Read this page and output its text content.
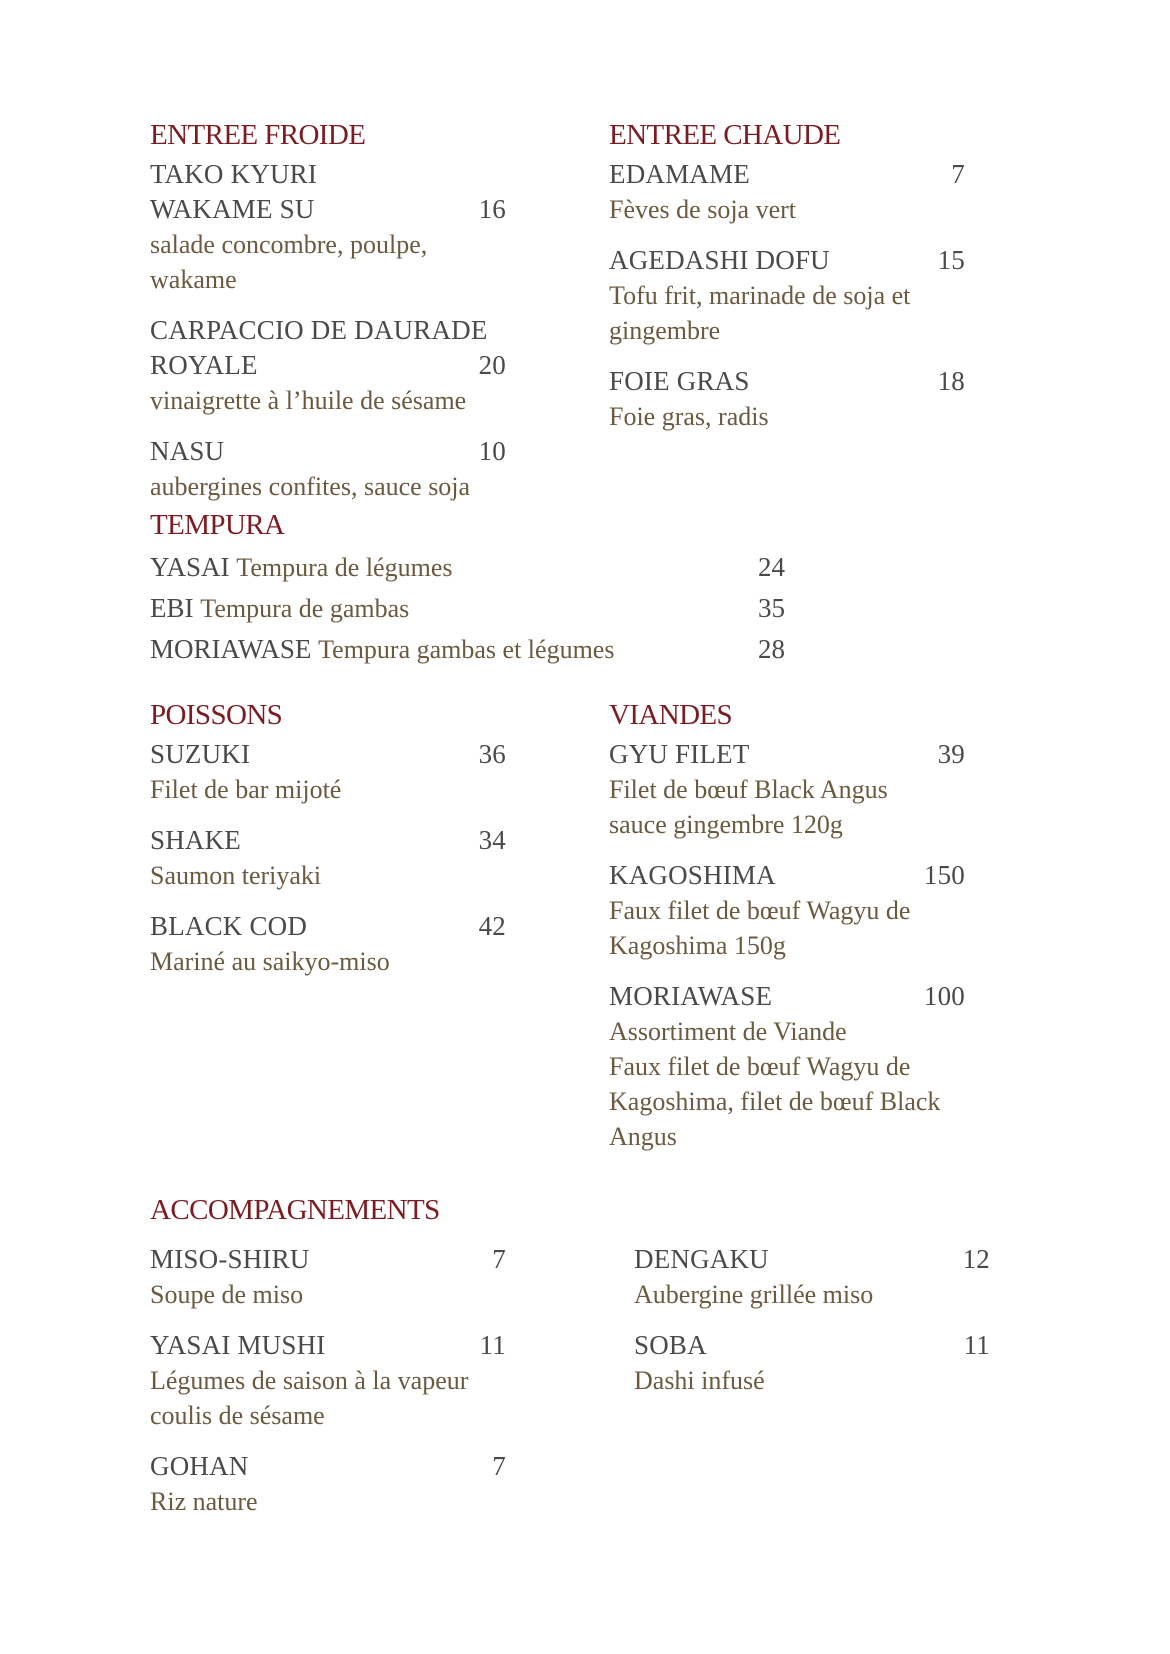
ENTREE FROIDE
TAKO KYURI
WAKAME SU	16
salade concombre, poulpe, wakame
CARPACCIO DE DAURADE
ROYALE	20
vinaigrette à l’huile de sésame
NASU	10
aubergines confites, sauce soja
ENTREE CHAUDE
EDAMAME	7
Fèves de soja vert
AGEDASHI DOFU	15
Tofu frit, marinade de soja et
gingembre
FOIE GRAS	18
Foie gras, radis
TEMPURA
YASAI Tempura de légumes	24
EBI Tempura de gambas	35
MORIAWASE Tempura gambas et légumes	28
POISSONS
SUZUKI	36
Filet de bar mijoté
SHAKE	34
Saumon teriyaki
BLACK COD	42
Mariné au saikyo-miso
VIANDES
GYU FILET	39
Filet de bœuf Black Angus
sauce gingembre 120g
KAGOSHIMA	150
Faux filet de bœuf Wagyu de
Kagoshima 150g
MORIAWASE	100
Assortiment de Viande
Faux filet de bœuf Wagyu de
Kagoshima, filet de bœuf Black
Angus
ACCOMPAGNEMENTS
MISO-SHIRU	7
Soupe de miso
YASAI MUSHI	11
Légumes de saison à la vapeur
coulis de sésame
GOHAN	7
Riz nature
DENGAKU	12
Aubergine grillée miso
SOBA	11
Dashi infusé
